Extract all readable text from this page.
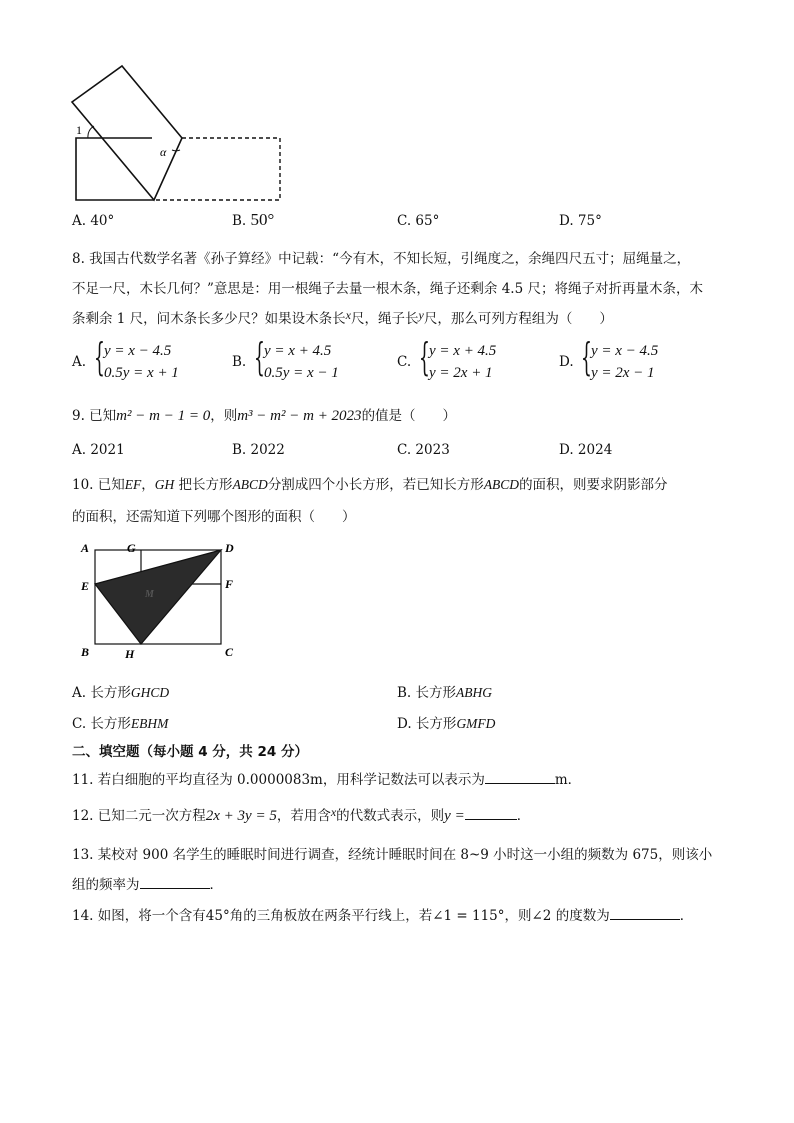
1
α
A. 40°	B. 50°	C. 65°	D. 75°
8. 我国古代数学名著《孙子算经》中记载：“今有木，不知长短，引绳度之，余绳四尺五寸；屈绳量之，
不足一尺，木长几何？”意思是：用一根绳子去量一根木条，绳子还剩余 4.5 尺；将绳子对折再量木条，木
条剩余 1 尺，问木条长多少尺？如果设木条长x尺，绳子长y尺，那么可列方程组为（　　）
A. { y = x − 4.5
0.5y = x + 1
B. { y = x + 4.5
0.5y = x − 1
C. { y = x + 4.5
y = 2x + 1
D. { y = x − 4.5
y = 2x − 1
9. 已知m² − m − 1 = 0，则m³ − m² − m + 2023的值是（　　）
A. 2021	B. 2022	C. 2023	D. 2024
10. 已知EF，GH 把长方形ABCD分割成四个小长方形，若已知长方形ABCD的面积，则要求阴影部分
的面积，还需知道下列哪个图形的面积（　　）
A	G	D
E	F
M
B	H	C
A. 长方形GHCD	B. 长方形ABHG
C. 长方形EBHM	D. 长方形GMFD
二、填空题（每小题 4 分，共 24 分）
11. 若白细胞的平均直径为 0.0000083m，用科学记数法可以表示为	m．
12. 已知二元一次方程2x + 3y = 5，若用含x的代数式表示，则y =	．
13. 某校对 900 名学生的睡眠时间进行调查，经统计睡眠时间在 8~9 小时这一小组的频数为 675，则该小
组的频率为	．
14. 如图，将一个含有45°角的三角板放在两条平行线上，若∠1 = 115°，则∠2 的度数为	．
